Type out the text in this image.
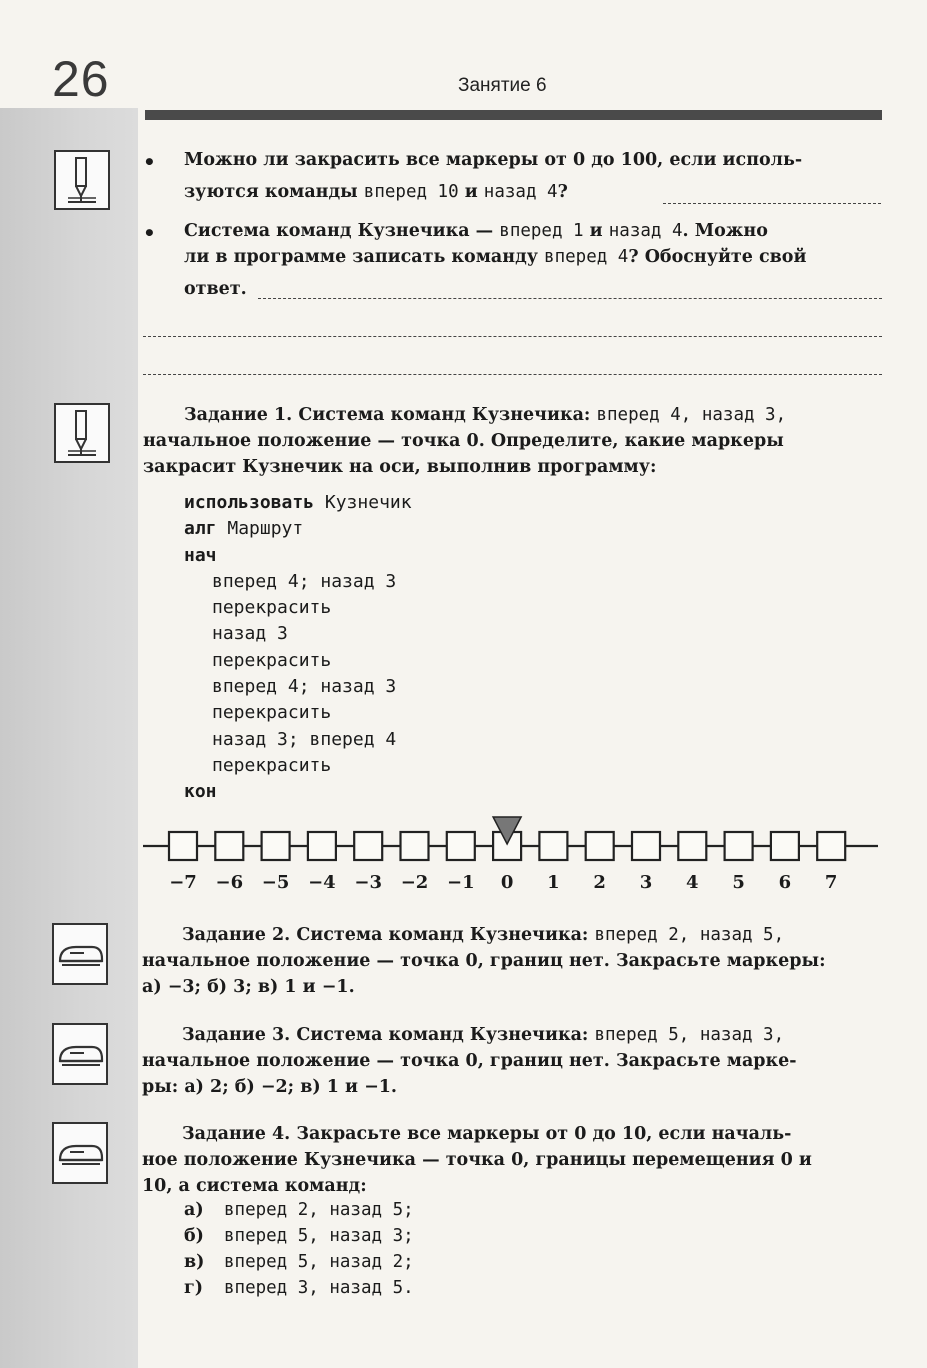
26	Занятие 6
• Можно ли закрасить все маркеры от 0 до 100, если исполь-
зуются команды вперед 10 и назад 4?
• Система команд Кузнечика — вперед 1 и назад 4. Можно
ли в программе записать команду вперед 4? Обоснуйте свой
ответ.
Задание 1. Система команд Кузнечика: вперед 4, назад 3,
начальное положение — точка 0. Определите, какие маркеры
закрасит Кузнечик на оси, выполнив программу:
использовать Кузнечик
алг Маршрут
нач
вперед 4; назад 3
перекрасить
назад 3
перекрасить
вперед 4; назад 3
перекрасить
назад 3; вперед 4
перекрасить
кон
−7 −6 −5 −4 −3 −2 −1 0 1 2 3 4 5 6 7
Задание 2. Система команд Кузнечика: вперед 2, назад 5,
начальное положение — точка 0, границ нет. Закрасьте маркеры:
а) −3; б) 3; в) 1 и −1.
Задание 3. Система команд Кузнечика: вперед 5, назад 3,
начальное положение — точка 0, границ нет. Закрасьте марке-
ры: а) 2; б) −2; в) 1 и −1.
Задание 4. Закрасьте все маркеры от 0 до 10, если началь-
ное положение Кузнечика — точка 0, границы перемещения 0 и
10, а система команд:
а) вперед 2, назад 5;
б) вперед 5, назад 3;
в) вперед 5, назад 2;
г) вперед 3, назад 5.
